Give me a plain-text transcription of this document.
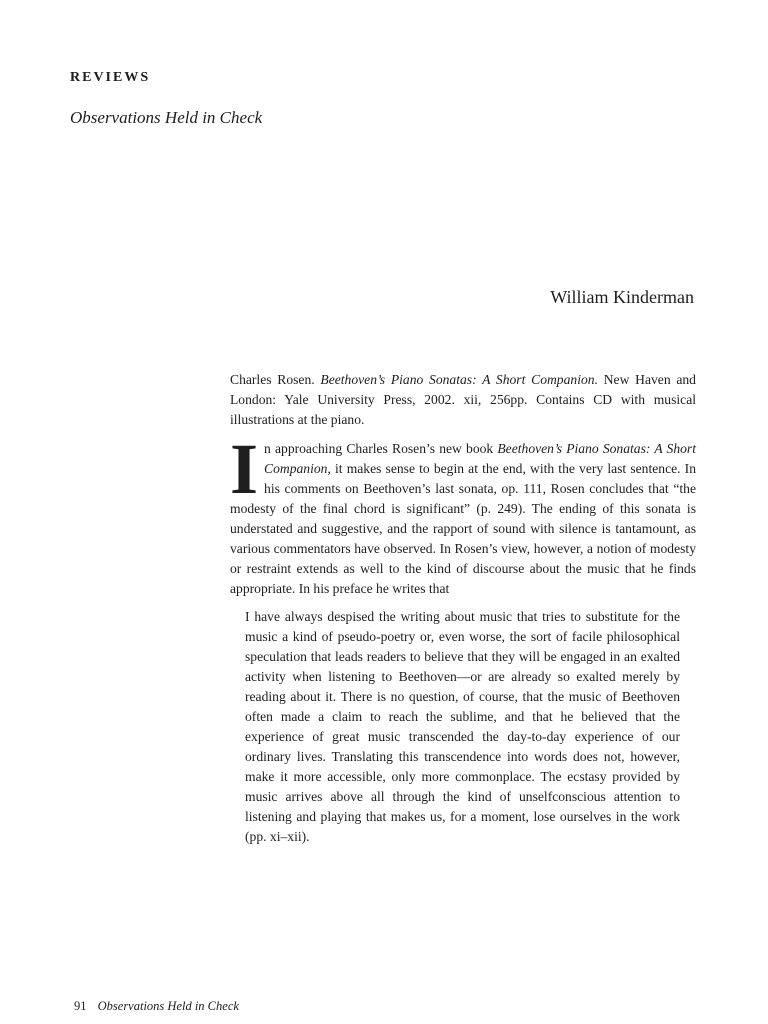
REVIEWS
Observations Held in Check
William Kinderman

Charles Rosen. Beethoven’s Piano Sonatas: A Short Companion. New Haven and London: Yale University Press, 2002. xii, 256pp. Contains CD with musical illustrations at the piano.

In approaching Charles Rosen’s new book Beethoven’s Piano Sonatas: A Short Companion, it makes sense to begin at the end, with the very last sentence. In his comments on Beethoven’s last sonata, op. 111, Rosen concludes that “the modesty of the final chord is significant” (p. 249). The ending of this sonata is understated and suggestive, and the rapport of sound with silence is tantamount, as various commentators have observed. In Rosen’s view, however, a notion of modesty or restraint extends as well to the kind of discourse about the music that he finds appropriate. In his preface he writes that

I have always despised the writing about music that tries to substitute for the music a kind of pseudo-poetry or, even worse, the sort of facile philosophical speculation that leads readers to believe that they will be engaged in an exalted activity when listening to Beethoven—or are already so exalted merely by reading about it. There is no question, of course, that the music of Beethoven often made a claim to reach the sublime, and that he believed that the experience of great music transcended the day-to-day experience of our ordinary lives. Translating this transcendence into words does not, however, make it more accessible, only more commonplace. The ecstasy provided by music arrives above all through the kind of unselfconscious attention to listening and playing that makes us, for a moment, lose ourselves in the work (pp. xi–xii).

91 Observations Held in Check
